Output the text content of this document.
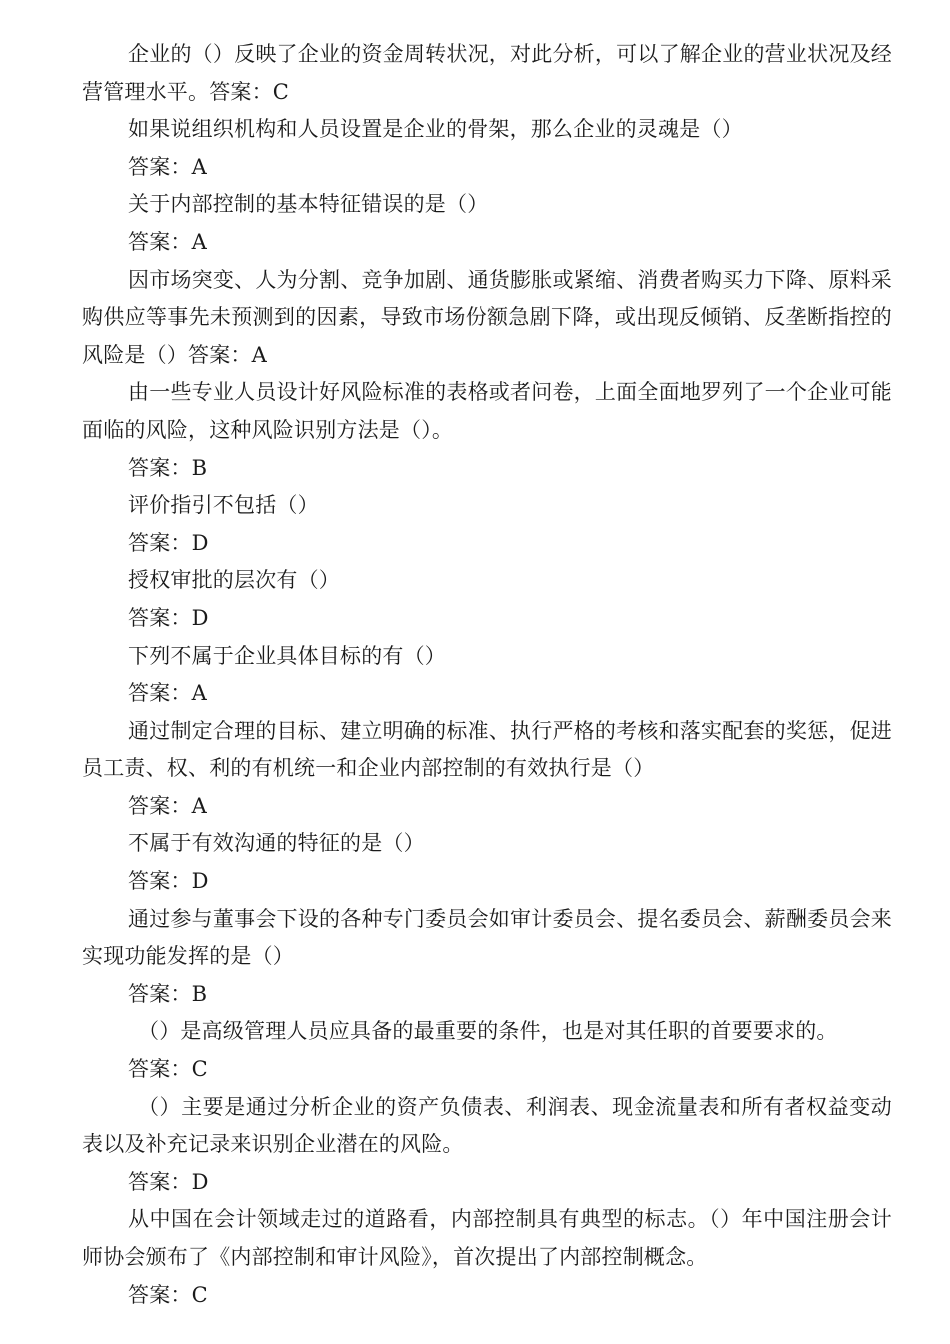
企业的（）反映了企业的资金周转状况，对此分析，可以了解企业的营业状况及经营管理水平。答案：C

如果说组织机构和人员设置是企业的骨架，那么企业的灵魂是（）

答案：A

关于内部控制的基本特征错误的是（）

答案：A

因市场突变、人为分割、竞争加剧、通货膨胀或紧缩、消费者购买力下降、原料采购供应等事先未预测到的因素，导致市场份额急剧下降，或出现反倾销、反垄断指控的风险是（）答案：A

由一些专业人员设计好风险标准的表格或者问卷，上面全面地罗列了一个企业可能面临的风险，这种风险识别方法是（）。

答案：B

评价指引不包括（）

答案：D

授权审批的层次有（）

答案：D

下列不属于企业具体目标的有（）

答案：A

通过制定合理的目标、建立明确的标准、执行严格的考核和落实配套的奖惩，促进员工责、权、利的有机统一和企业内部控制的有效执行是（）

答案：A

不属于有效沟通的特征的是（）

答案：D

通过参与董事会下设的各种专门委员会如审计委员会、提名委员会、薪酬委员会来实现功能发挥的是（）

答案：B

（）是高级管理人员应具备的最重要的条件，也是对其任职的首要要求的。

答案：C

（）主要是通过分析企业的资产负债表、利润表、现金流量表和所有者权益变动表以及补充记录来识别企业潜在的风险。

答案：D

从中国在会计领域走过的道路看，内部控制具有典型的标志。（）年中国注册会计师协会颁布了《内部控制和审计风险》，首次提出了内部控制概念。

答案：C
